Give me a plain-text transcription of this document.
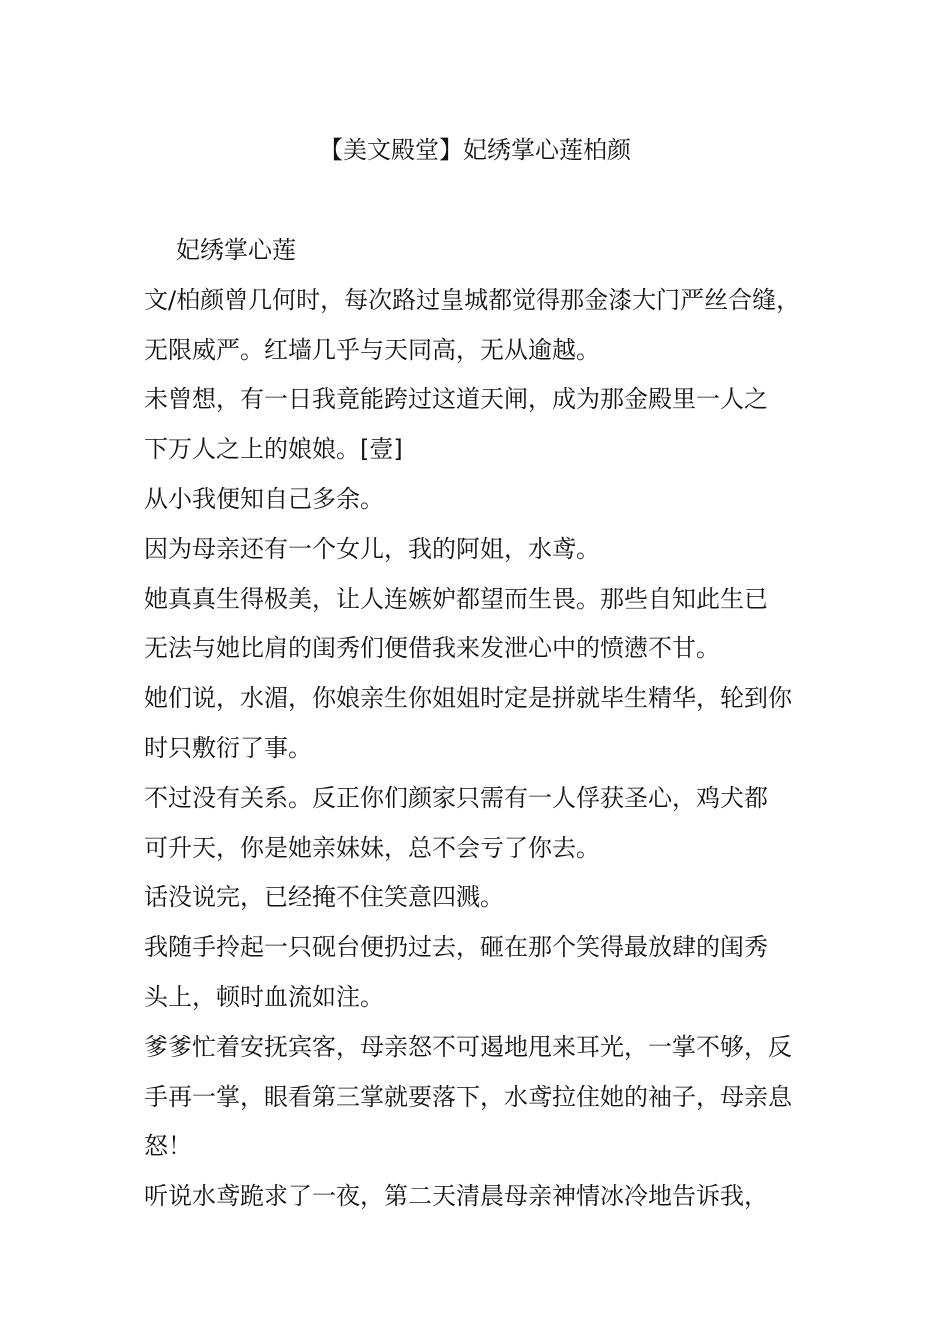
【美文殿堂】妃绣掌心莲柏颜
妃绣掌心莲
文/柏颜曾几何时，每次路过皇城都觉得那金漆大门严丝合缝，
无限威严。红墙几乎与天同高，无从逾越。
未曾想，有一日我竟能跨过这道天闸，成为那金殿里一人之
下万人之上的娘娘。[壹]
从小我便知自己多余。
因为母亲还有一个女儿，我的阿姐，水鸢。
她真真生得极美，让人连嫉妒都望而生畏。那些自知此生已
无法与她比肩的闺秀们便借我来发泄心中的愤懑不甘。
她们说，水湄，你娘亲生你姐姐时定是拼就毕生精华，轮到你
时只敷衍了事。
不过没有关系。反正你们颜家只需有一人俘获圣心，鸡犬都
可升天，你是她亲妹妹，总不会亏了你去。
话没说完，已经掩不住笑意四溅。
我随手拎起一只砚台便扔过去，砸在那个笑得最放肆的闺秀
头上，顿时血流如注。
爹爹忙着安抚宾客，母亲怒不可遏地甩来耳光，一掌不够，反
手再一掌，眼看第三掌就要落下，水鸢拉住她的袖子，母亲息
怒！
听说水鸢跪求了一夜，第二天清晨母亲神情冰冷地告诉我，
